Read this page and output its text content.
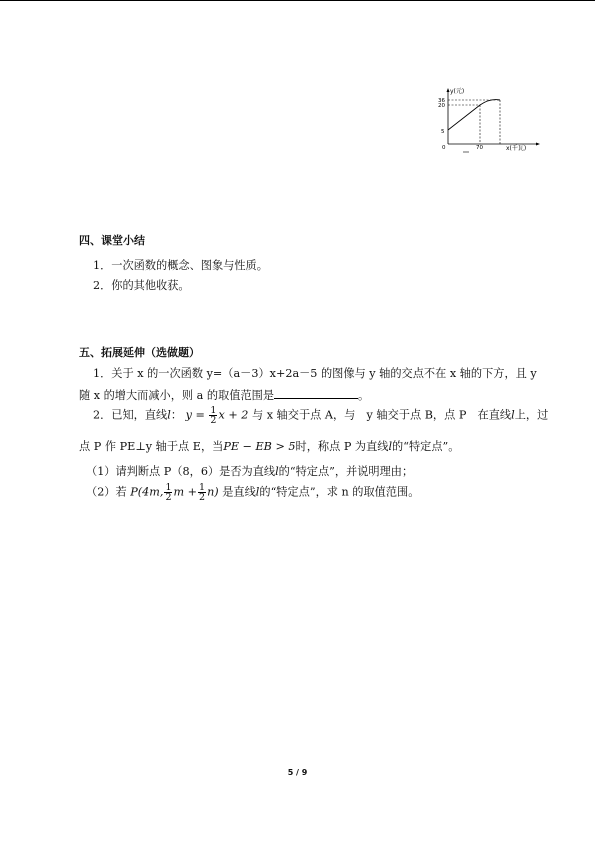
y(元)
x(千瓦)
36
20
5
0	70
四、课堂小结
1．一次函数的概念、图象与性质。
2．你的其他收获。
五、拓展延伸（选做题）
1．关于 x 的一次函数 y=（a－3）x+2a－5 的图像与 y 轴的交点不在 x 轴的下方，且 y
随 x 的增大而减小，则 a 的取值范围是	。
2．已知，直线l： $y = \frac{1}{2}$ x + 2 与 x 轴交于点 A，与　y 轴交于点 B，点 P　在直线l上，过
点 P 作 PE⊥y 轴于点 E，当PE − EB > 5时，称点 P 为直线l的“特定点”。
（1）请判断点 P（8，6）是否为直线l的“特定点”，并说明理由；
（2）若 P(4m, $\frac{1}{2}$ $m + \frac{1}{2} n$) 是直线l的“特定点”，求 n 的取值范围。
5 / 9
